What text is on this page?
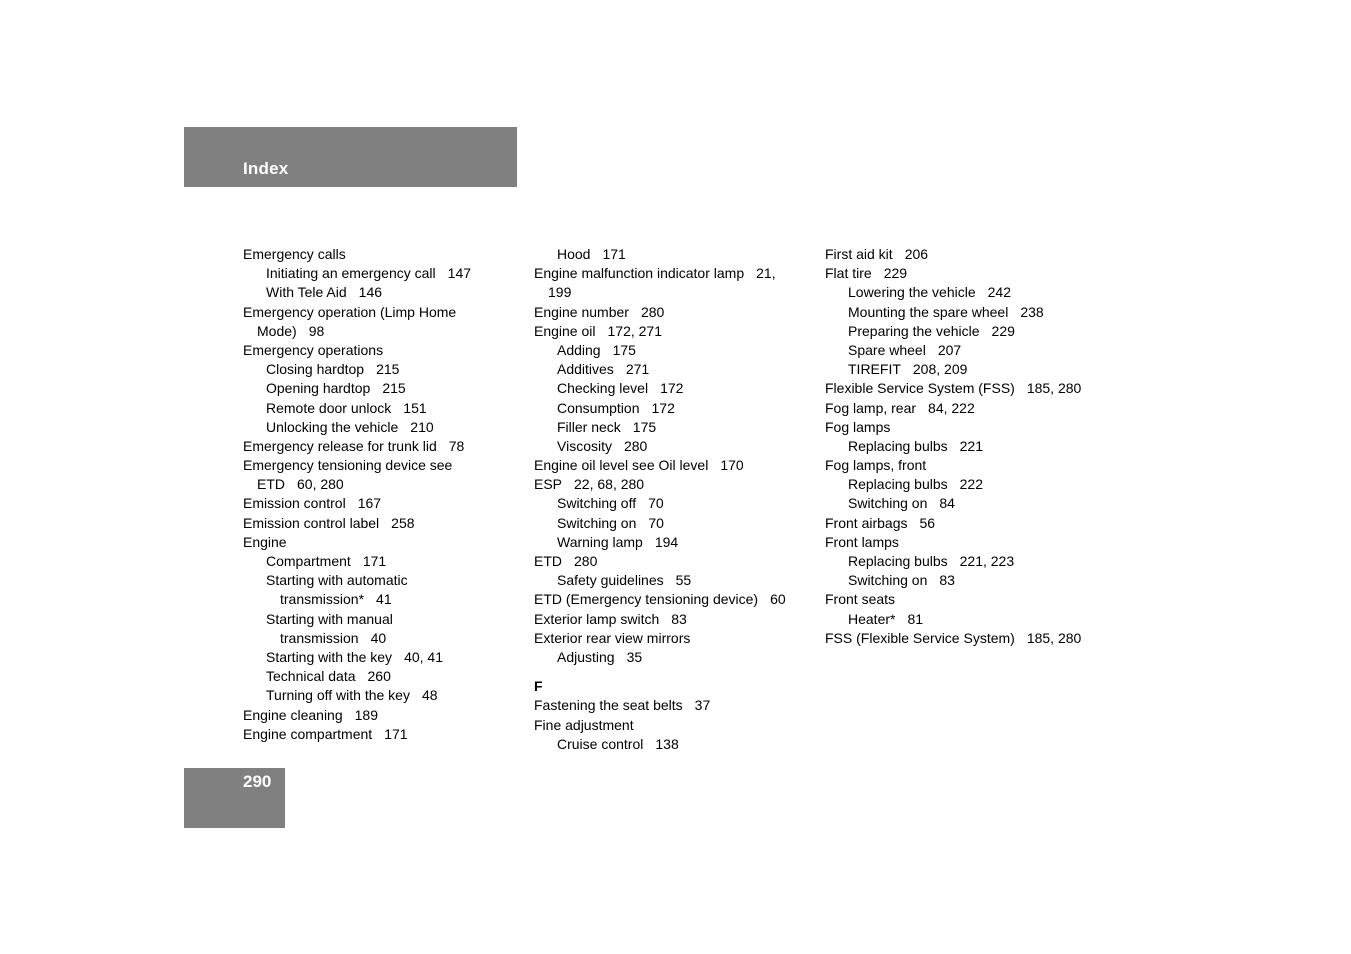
Index
Emergency calls
Initiating an emergency call 147
With Tele Aid 146
Emergency operation (Limp Home
Mode) 98
Emergency operations
Closing hardtop 215
Opening hardtop 215
Remote door unlock 151
Unlocking the vehicle 210
Emergency release for trunk lid 78
Emergency tensioning device see
ETD 60, 280
Emission control 167
Emission control label 258
Engine
Compartment 171
Starting with automatic
transmission* 41
Starting with manual
transmission 40
Starting with the key 40, 41
Technical data 260
Turning off with the key 48
Engine cleaning 189
Engine compartment 171
Hood 171
Engine malfunction indicator lamp 21,
199
Engine number 280
Engine oil 172, 271
Adding 175
Additives 271
Checking level 172
Consumption 172
Filler neck 175
Viscosity 280
Engine oil level see Oil level 170
ESP 22, 68, 280
Switching off 70
Switching on 70
Warning lamp 194
ETD 280
Safety guidelines 55
ETD (Emergency tensioning device) 60
Exterior lamp switch 83
Exterior rear view mirrors
Adjusting 35
F
Fastening the seat belts 37
Fine adjustment
Cruise control 138
First aid kit 206
Flat tire 229
Lowering the vehicle 242
Mounting the spare wheel 238
Preparing the vehicle 229
Spare wheel 207
TIREFIT 208, 209
Flexible Service System (FSS) 185, 280
Fog lamp, rear 84, 222
Fog lamps
Replacing bulbs 221
Fog lamps, front
Replacing bulbs 222
Switching on 84
Front airbags 56
Front lamps
Replacing bulbs 221, 223
Switching on 83
Front seats
Heater* 81
FSS (Flexible Service System) 185, 280
290
